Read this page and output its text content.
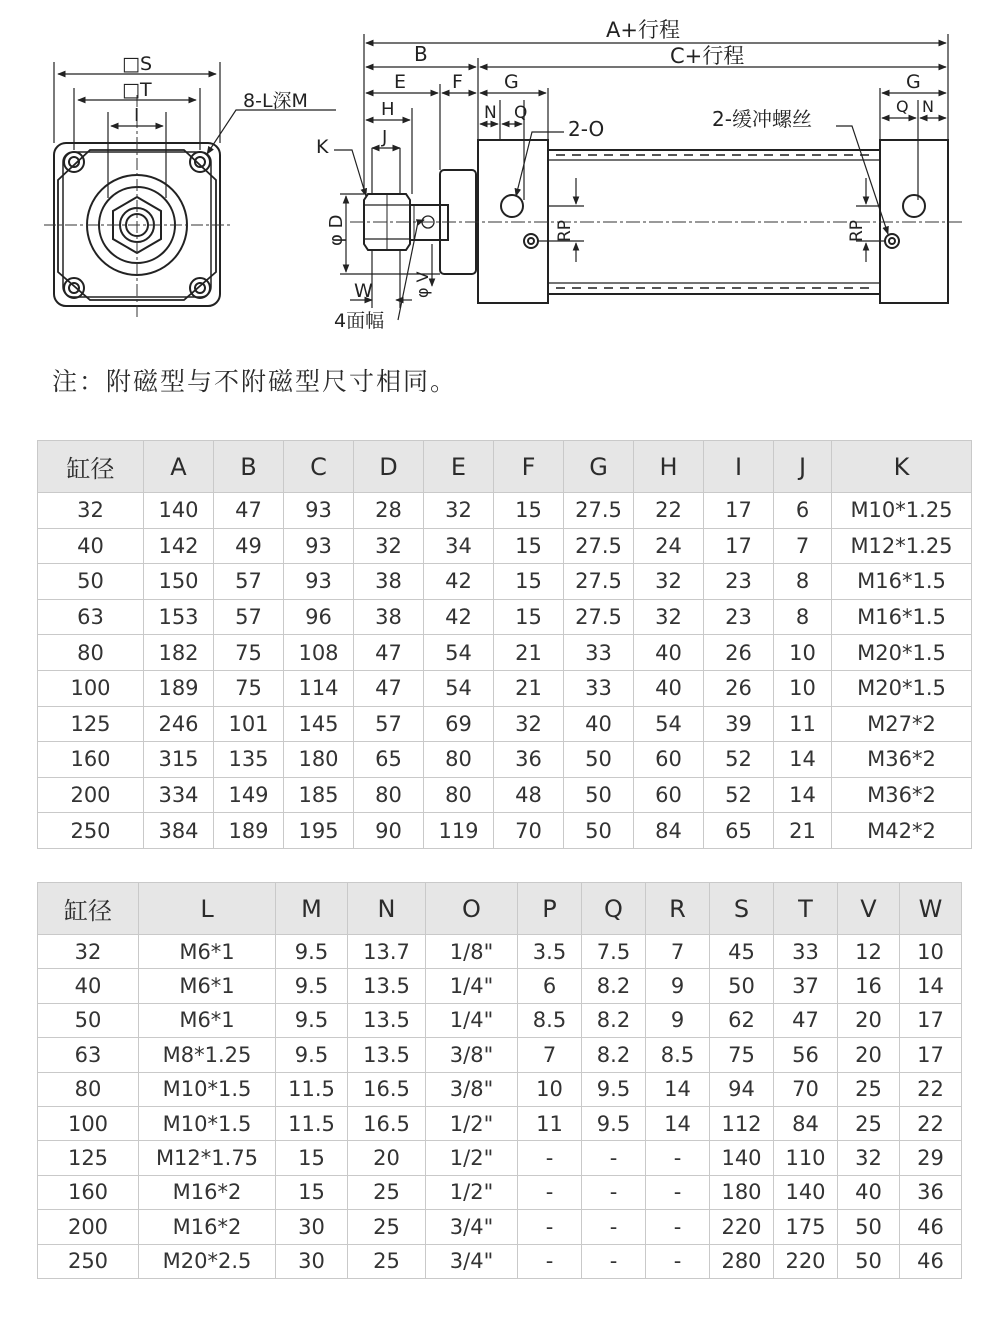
□S
□T
I
8-L深M
A+行程
B	C+行程
E F G
H
J
K
N Q
2-O	2-缓冲螺丝
G
Q N
φ D
φ V
RP	RP
W
4面幅
注：附磁型与不附磁型尺寸相同。
缸径	A	B	C	D	E	F	G	H	I	J	K
32	140	47	93	28	32	15	27.5	22	17	6	M10*1.25
40	142	49	93	32	34	15	27.5	24	17	7	M12*1.25
50	150	57	93	38	42	15	27.5	32	23	8	M16*1.5
63	153	57	96	38	42	15	27.5	32	23	8	M16*1.5
80	182	75	108	47	54	21	33	40	26	10	M20*1.5
100	189	75	114	47	54	21	33	40	26	10	M20*1.5
125	246	101	145	57	69	32	40	54	39	11	M27*2
160	315	135	180	65	80	36	50	60	52	14	M36*2
200	334	149	185	80	80	48	50	60	52	14	M36*2
250	384	189	195	90	119	70	50	84	65	21	M42*2
缸径	L	M	N	O	P	Q	R	S	T	V	W
32	M6*1	9.5	13.7	1/8"	3.5	7.5	7	45	33	12	10
40	M6*1	9.5	13.5	1/4"	6	8.2	9	50	37	16	14
50	M6*1	9.5	13.5	1/4"	8.5	8.2	9	62	47	20	17
63	M8*1.25	9.5	13.5	3/8"	7	8.2	8.5	75	56	20	17
80	M10*1.5	11.5	16.5	3/8"	10	9.5	14	94	70	25	22
100	M10*1.5	11.5	16.5	1/2"	11	9.5	14	112	84	25	22
125	M12*1.75	15	20	1/2"	-	-	-	140	110	32	29
160	M16*2	15	25	1/2"	-	-	-	180	140	40	36
200	M16*2	30	25	3/4"	-	-	-	220	175	50	46
250	M20*2.5	30	25	3/4"	-	-	-	280	220	50	46
